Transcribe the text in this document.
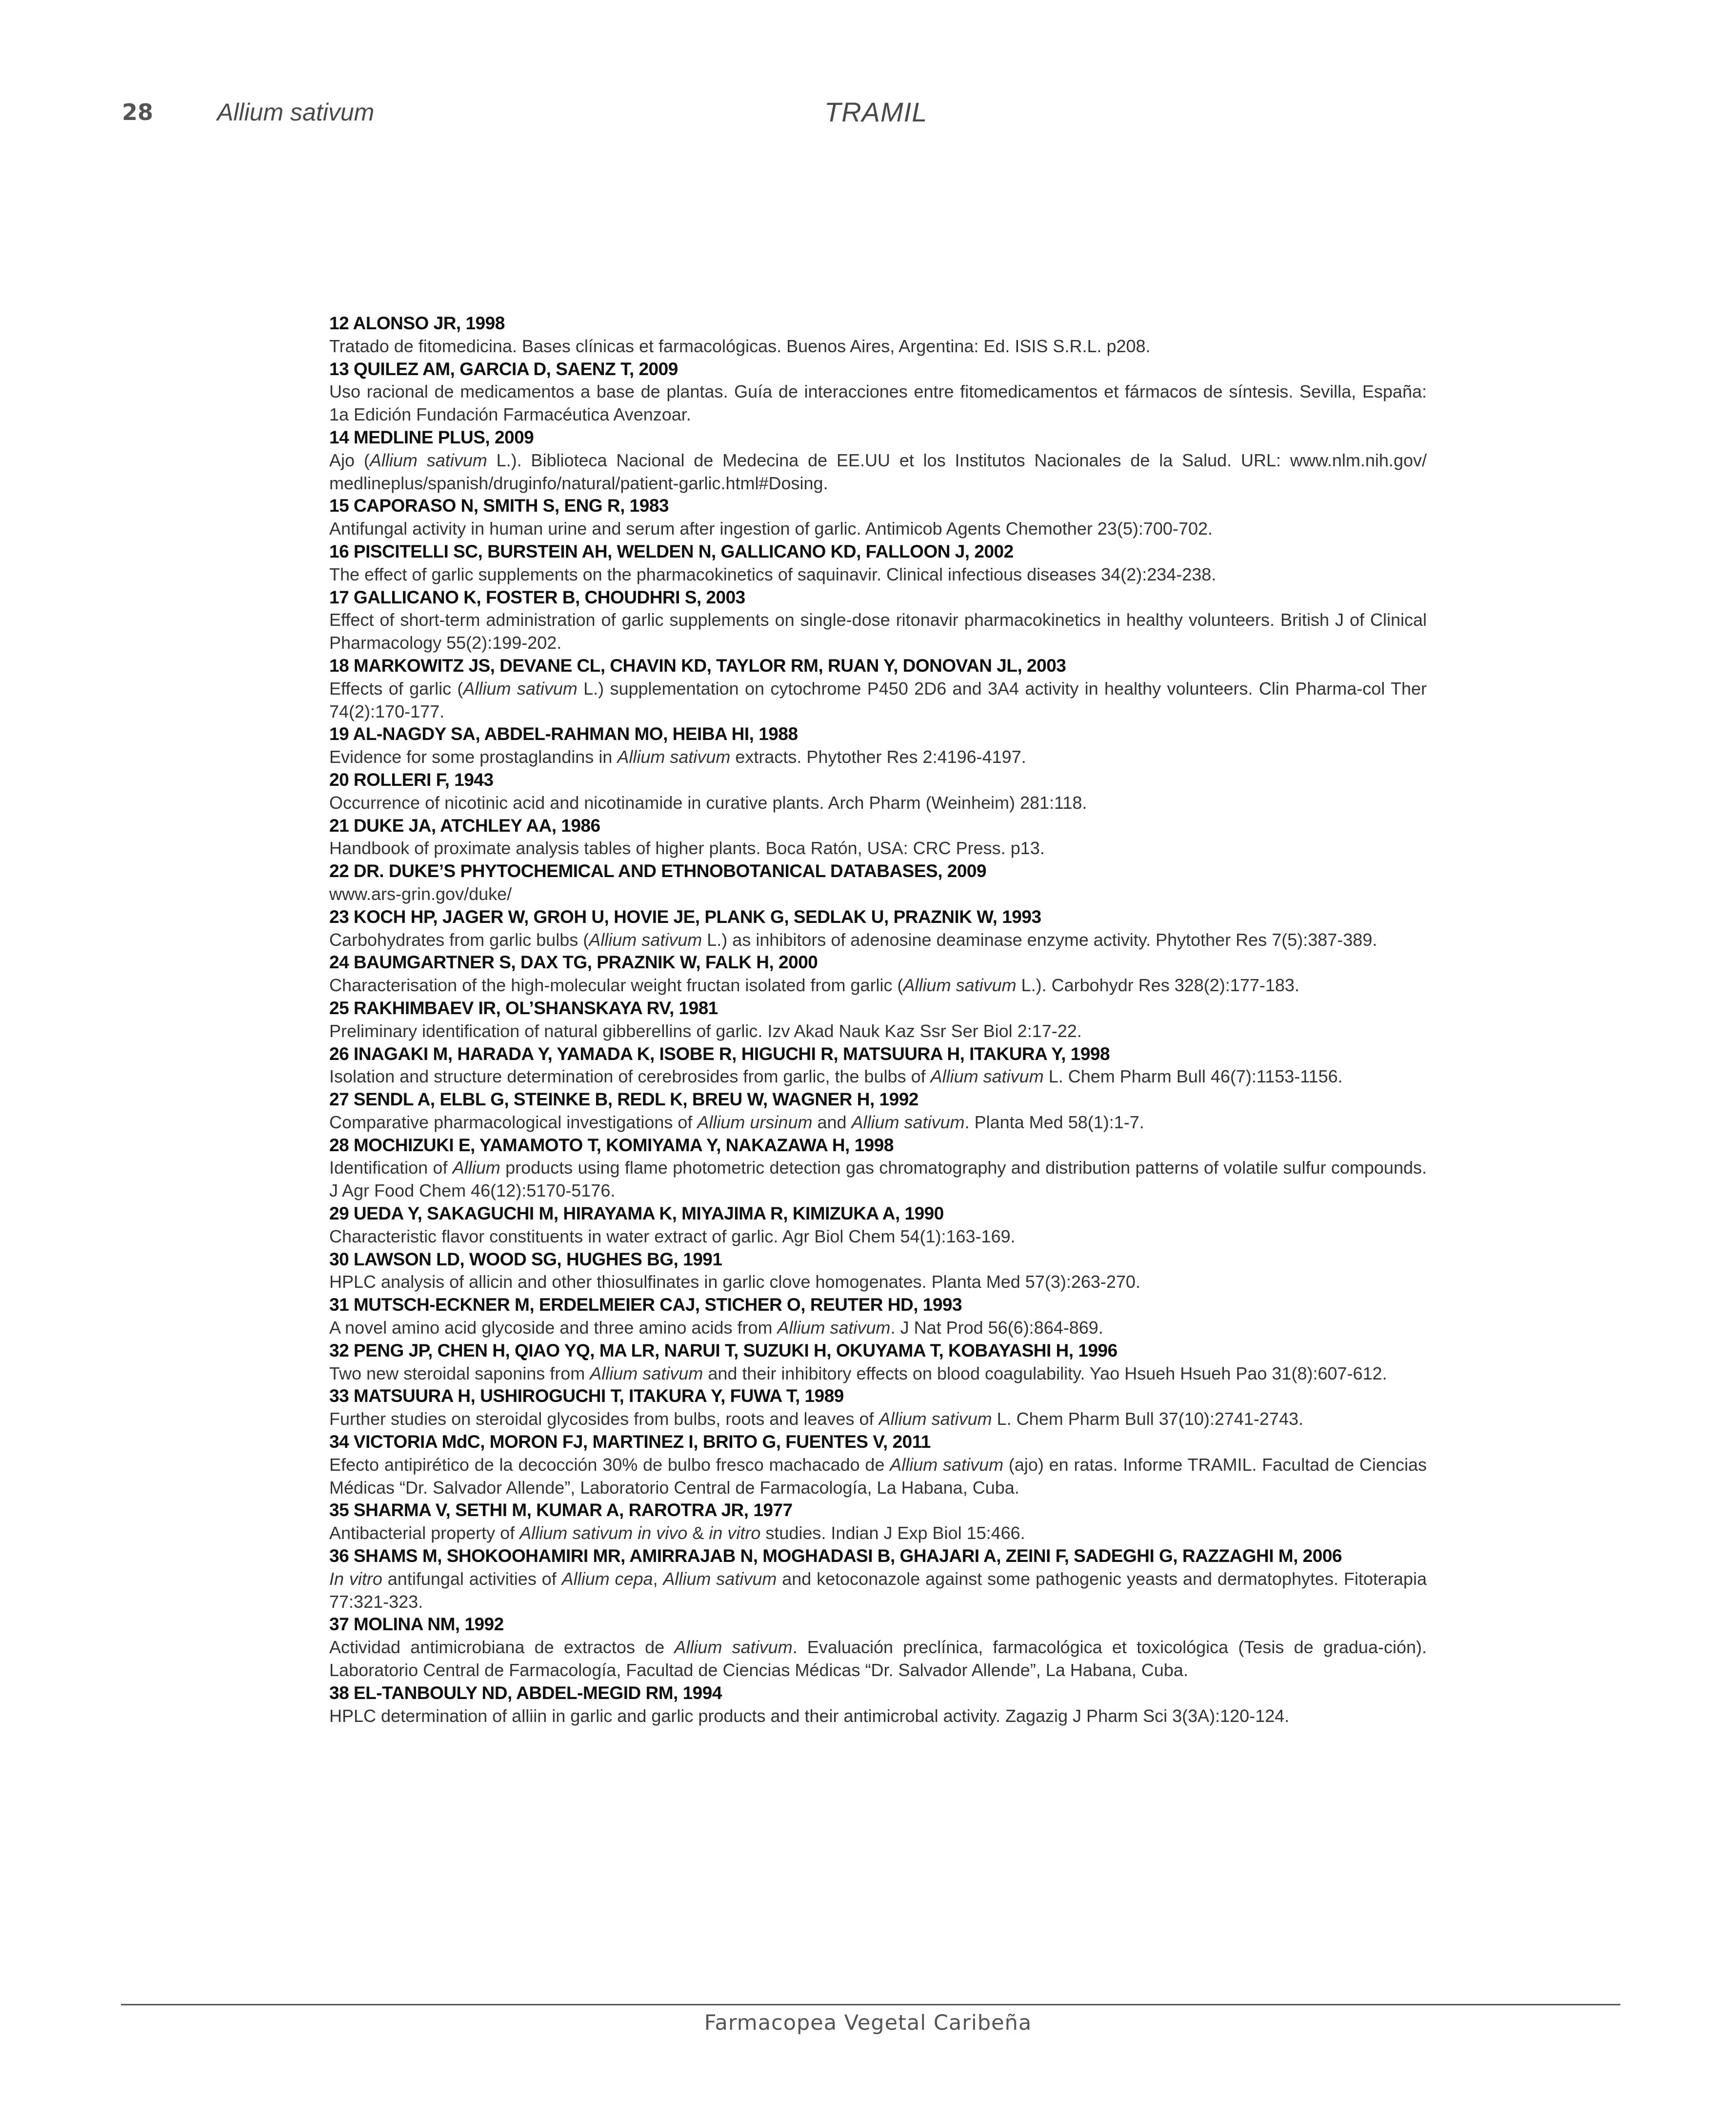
28	Allium sativum	TRAMIL
12 ALONSO JR, 1998
Tratado de fitomedicina. Bases clínicas et farmacológicas. Buenos Aires, Argentina: Ed. ISIS S.R.L. p208.
13 QUILEZ AM, GARCIA D, SAENZ T, 2009
Uso racional de medicamentos a base de plantas. Guía de interacciones entre fitomedicamentos et fármacos de síntesis. Sevilla, España: 1a Edición Fundación Farmacéutica Avenzoar.
14 MEDLINE PLUS, 2009
Ajo (Allium sativum L.). Biblioteca Nacional de Medecina de EE.UU et los Institutos Nacionales de la Salud. URL: www.nlm.nih.gov/ medlineplus/spanish/druginfo/natural/patient-garlic.html#Dosing.
15 CAPORASO N, SMITH S, ENG R, 1983
Antifungal activity in human urine and serum after ingestion of garlic. Antimicob Agents Chemother 23(5):700-702.
16 PISCITELLI SC, BURSTEIN AH, WELDEN N, GALLICANO KD, FALLOON J, 2002
The effect of garlic supplements on the pharmacokinetics of saquinavir. Clinical infectious diseases 34(2):234-238.
17 GALLICANO K, FOSTER B, CHOUDHRI S, 2003
Effect of short-term administration of garlic supplements on single-dose ritonavir pharmacokinetics in healthy volunteers. British J of Clinical Pharmacology 55(2):199-202.
18 MARKOWITZ JS, DEVANE CL, CHAVIN KD, TAYLOR RM, RUAN Y, DONOVAN JL, 2003
Effects of garlic (Allium sativum L.) supplementation on cytochrome P450 2D6 and 3A4 activity in healthy volunteers. Clin Pharma-col Ther 74(2):170-177.
19 AL-NAGDY SA, ABDEL-RAHMAN MO, HEIBA HI, 1988
Evidence for some prostaglandins in Allium sativum extracts. Phytother Res 2:4196-4197.
20 ROLLERI F, 1943
Occurrence of nicotinic acid and nicotinamide in curative plants. Arch Pharm (Weinheim) 281:118.
21 DUKE JA, ATCHLEY AA, 1986
Handbook of proximate analysis tables of higher plants. Boca Ratón, USA: CRC Press. p13.
22 DR. DUKE’S PHYTOCHEMICAL AND ETHNOBOTANICAL DATABASES, 2009
www.ars-grin.gov/duke/
23 KOCH HP, JAGER W, GROH U, HOVIE JE, PLANK G, SEDLAK U, PRAZNIK W, 1993
Carbohydrates from garlic bulbs (Allium sativum L.) as inhibitors of adenosine deaminase enzyme activity. Phytother Res 7(5):387-389.
24 BAUMGARTNER S, DAX TG, PRAZNIK W, FALK H, 2000
Characterisation of the high-molecular weight fructan isolated from garlic (Allium sativum L.). Carbohydr Res 328(2):177-183.
25 RAKHIMBAEV IR, OL’SHANSKAYA RV, 1981
Preliminary identification of natural gibberellins of garlic. Izv Akad Nauk Kaz Ssr Ser Biol 2:17-22.
26 INAGAKI M, HARADA Y, YAMADA K, ISOBE R, HIGUCHI R, MATSUURA H, ITAKURA Y, 1998
Isolation and structure determination of cerebrosides from garlic, the bulbs of Allium sativum L. Chem Pharm Bull 46(7):1153-1156.
27 SENDL A, ELBL G, STEINKE B, REDL K, BREU W, WAGNER H, 1992
Comparative pharmacological investigations of Allium ursinum and Allium sativum. Planta Med 58(1):1-7.
28 MOCHIZUKI E, YAMAMOTO T, KOMIYAMA Y, NAKAZAWA H, 1998
Identification of Allium products using flame photometric detection gas chromatography and distribution patterns of volatile sulfur compounds. J Agr Food Chem 46(12):5170-5176.
29 UEDA Y, SAKAGUCHI M, HIRAYAMA K, MIYAJIMA R, KIMIZUKA A, 1990
Characteristic flavor constituents in water extract of garlic. Agr Biol Chem 54(1):163-169.
30 LAWSON LD, WOOD SG, HUGHES BG, 1991
HPLC analysis of allicin and other thiosulfinates in garlic clove homogenates. Planta Med 57(3):263-270.
31 MUTSCH-ECKNER M, ERDELMEIER CAJ, STICHER O, REUTER HD, 1993
A novel amino acid glycoside and three amino acids from Allium sativum. J Nat Prod 56(6):864-869.
32 PENG JP, CHEN H, QIAO YQ, MA LR, NARUI T, SUZUKI H, OKUYAMA T, KOBAYASHI H, 1996
Two new steroidal saponins from Allium sativum and their inhibitory effects on blood coagulability. Yao Hsueh Hsueh Pao 31(8):607-612.
33 MATSUURA H, USHIROGUCHI T, ITAKURA Y, FUWA T, 1989
Further studies on steroidal glycosides from bulbs, roots and leaves of Allium sativum L. Chem Pharm Bull 37(10):2741-2743.
34 VICTORIA MdC, MORON FJ, MARTINEZ I, BRITO G, FUENTES V, 2011
Efecto antipirético de la decocción 30% de bulbo fresco machacado de Allium sativum (ajo) en ratas. Informe TRAMIL. Facultad de Ciencias Médicas “Dr. Salvador Allende”, Laboratorio Central de Farmacología, La Habana, Cuba.
35 SHARMA V, SETHI M, KUMAR A, RAROTRA JR, 1977
Antibacterial property of Allium sativum in vivo & in vitro studies. Indian J Exp Biol 15:466.
36 SHAMS M, SHOKOOHAMIRI MR, AMIRRAJAB N, MOGHADASI B, GHAJARI A, ZEINI F, SADEGHI G, RAZZAGHI M, 2006
In vitro antifungal activities of Allium cepa, Allium sativum and ketoconazole against some pathogenic yeasts and dermatophytes. Fitoterapia 77:321-323.
37 MOLINA NM, 1992
Actividad antimicrobiana de extractos de Allium sativum. Evaluación preclínica, farmacológica et toxicológica (Tesis de gradua-ción). Laboratorio Central de Farmacología, Facultad de Ciencias Médicas “Dr. Salvador Allende”, La Habana, Cuba.
38 EL-TANBOULY ND, ABDEL-MEGID RM, 1994
HPLC determination of alliin in garlic and garlic products and their antimicrobal activity. Zagazig J Pharm Sci 3(3A):120-124.
Farmacopea Vegetal Caribeña
